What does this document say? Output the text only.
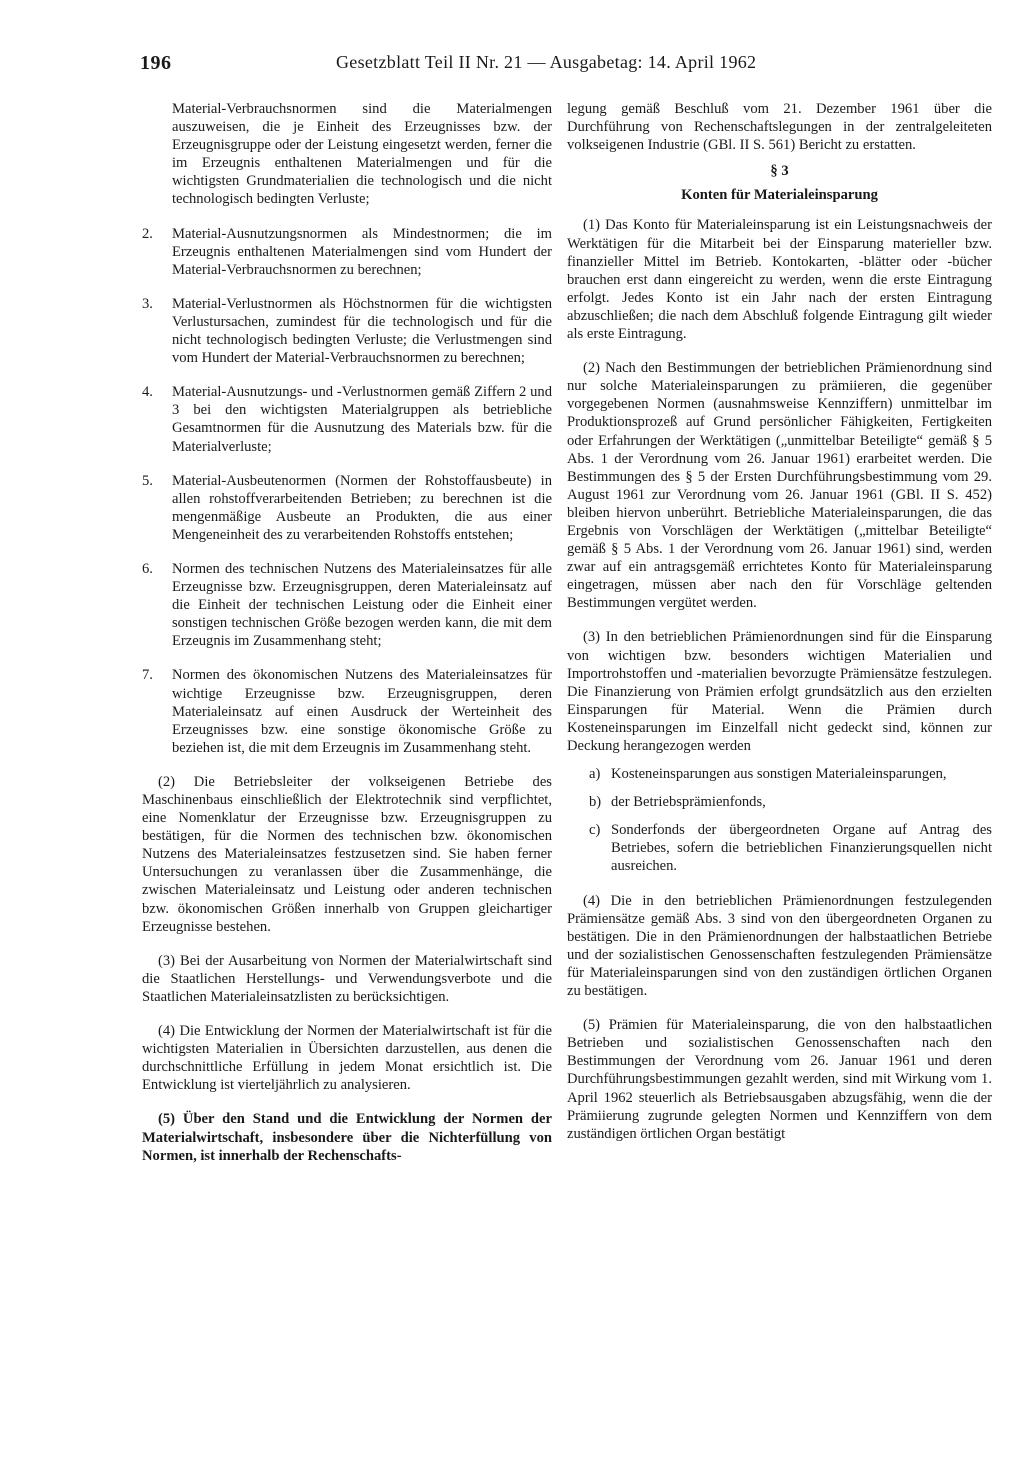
196	Gesetzblatt Teil II Nr. 21 — Ausgabetag: 14. April 1962

Material-Verbrauchsnormen sind die Materialmengen auszuweisen, die je Einheit des Erzeugnisses bzw. der Erzeugnisgruppe oder der Leistung eingesetzt werden, ferner die im Erzeugnis enthaltenen Materialmengen und für die wichtigsten Grundmaterialien die technologisch und die nicht technologisch bedingten Verluste;

2.	Material-Ausnutzungsnormen als Mindestnormen; die im Erzeugnis enthaltenen Materialmengen sind vom Hundert der Material-Verbrauchsnormen zu berechnen;
3.	Material-Verlustnormen als Höchstnormen für die wichtigsten Verlustursachen, zumindest für die technologisch und für die nicht technologisch bedingten Verluste; die Verlustmengen sind vom Hundert der Material-Verbrauchsnormen zu berechnen;
4.	Material-Ausnutzungs- und -Verlustnormen gemäß Ziffern 2 und 3 bei den wichtigsten Materialgruppen als betriebliche Gesamtnormen für die Ausnutzung des Materials bzw. für die Materialverluste;
5.	Material-Ausbeutenormen (Normen der Rohstoffausbeute) in allen rohstoffverarbeitenden Betrieben; zu berechnen ist die mengenmäßige Ausbeute an Produkten, die aus einer Mengeneinheit des zu verarbeitenden Rohstoffs entstehen;
6.	Normen des technischen Nutzens des Materialeinsatzes für alle Erzeugnisse bzw. Erzeugnisgruppen, deren Materialeinsatz auf die Einheit der technischen Leistung oder die Einheit einer sonstigen technischen Größe bezogen werden kann, die mit dem Erzeugnis im Zusammenhang steht;
7.	Normen des ökonomischen Nutzens des Materialeinsatzes für wichtige Erzeugnisse bzw. Erzeugnisgruppen, deren Materialeinsatz auf einen Ausdruck der Werteinheit des Erzeugnisses bzw. eine sonstige ökonomische Größe zu beziehen ist, die mit dem Erzeugnis im Zusammenhang steht.

(2) Die Betriebsleiter der volkseigenen Betriebe des Maschinenbaus einschließlich der Elektrotechnik sind verpflichtet, eine Nomenklatur der Erzeugnisse bzw. Erzeugnisgruppen zu bestätigen, für die Normen des technischen bzw. ökonomischen Nutzens des Materialeinsatzes festzusetzen sind. Sie haben ferner Untersuchungen zu veranlassen über die Zusammenhänge, die zwischen Materialeinsatz und Leistung oder anderen technischen bzw. ökonomischen Größen innerhalb von Gruppen gleichartiger Erzeugnisse bestehen.

(3) Bei der Ausarbeitung von Normen der Materialwirtschaft sind die Staatlichen Herstellungs- und Verwendungsverbote und die Staatlichen Materialeinsatzlisten zu berücksichtigen.

(4) Die Entwicklung der Normen der Materialwirtschaft ist für die wichtigsten Materialien in Übersichten darzustellen, aus denen die durchschnittliche Erfüllung in jedem Monat ersichtlich ist. Die Entwicklung ist vierteljährlich zu analysieren.

(5) Über den Stand und die Entwicklung der Normen der Materialwirtschaft, insbesondere über die Nichterfüllung von Normen, ist innerhalb der Rechenschafts-

legung gemäß Beschluß vom 21. Dezember 1961 über die Durchführung von Rechenschaftslegungen in der zentralgeleiteten volkseigenen Industrie (GBl. II S. 561) Bericht zu erstatten.

§ 3
Konten für Materialeinsparung

(1) Das Konto für Materialeinsparung ist ein Leistungsnachweis der Werktätigen für die Mitarbeit bei der Einsparung materieller bzw. finanzieller Mittel im Betrieb. Kontokarten, -blätter oder -bücher brauchen erst dann eingereicht zu werden, wenn die erste Eintragung erfolgt. Jedes Konto ist ein Jahr nach der ersten Eintragung abzuschließen; die nach dem Abschluß folgende Eintragung gilt wieder als erste Eintragung.

(2) Nach den Bestimmungen der betrieblichen Prämienordnung sind nur solche Materialeinsparungen zu prämiieren, die gegenüber vorgegebenen Normen (ausnahmsweise Kennziffern) unmittelbar im Produktionsprozeß auf Grund persönlicher Fähigkeiten, Fertigkeiten oder Erfahrungen der Werktätigen („unmittelbar Beteiligte“ gemäß § 5 Abs. 1 der Verordnung vom 26. Januar 1961) erarbeitet werden. Die Bestimmungen des § 5 der Ersten Durchführungsbestimmung vom 29. August 1961 zur Verordnung vom 26. Januar 1961 (GBl. II S. 452) bleiben hiervon unberührt. Betriebliche Materialeinsparungen, die das Ergebnis von Vorschlägen der Werktätigen („mittelbar Beteiligte“ gemäß § 5 Abs. 1 der Verordnung vom 26. Januar 1961) sind, werden zwar auf ein antragsgemäß errichtetes Konto für Materialeinsparung eingetragen, müssen aber nach den für Vorschläge geltenden Bestimmungen vergütet werden.

(3) In den betrieblichen Prämienordnungen sind für die Einsparung von wichtigen bzw. besonders wichtigen Materialien und Importrohstoffen und -materialien bevorzugte Prämiensätze festzulegen. Die Finanzierung von Prämien erfolgt grundsätzlich aus den erzielten Einsparungen für Material. Wenn die Prämien durch Kosteneinsparungen im Einzelfall nicht gedeckt sind, können zur Deckung herangezogen werden

a) Kosteneinsparungen aus sonstigen Materialeinsparungen,
b) der Betriebsprämienfonds,
c) Sonderfonds der übergeordneten Organe auf Antrag des Betriebes, sofern die betrieblichen Finanzierungsquellen nicht ausreichen.

(4) Die in den betrieblichen Prämienordnungen festzulegenden Prämiensätze gemäß Abs. 3 sind von den übergeordneten Organen zu bestätigen. Die in den Prämienordnungen der halbstaatlichen Betriebe und der sozialistischen Genossenschaften festzulegenden Prämiensätze für Materialeinsparungen sind von den zuständigen örtlichen Organen zu bestätigen.

(5) Prämien für Materialeinsparung, die von den halbstaatlichen Betrieben und sozialistischen Genossenschaften nach den Bestimmungen der Verordnung vom 26. Januar 1961 und deren Durchführungsbestimmungen gezahlt werden, sind mit Wirkung vom 1. April 1962 steuerlich als Betriebsausgaben abzugsfähig, wenn die der Prämiierung zugrunde gelegten Normen und Kennziffern von dem zuständigen örtlichen Organ bestätigt
